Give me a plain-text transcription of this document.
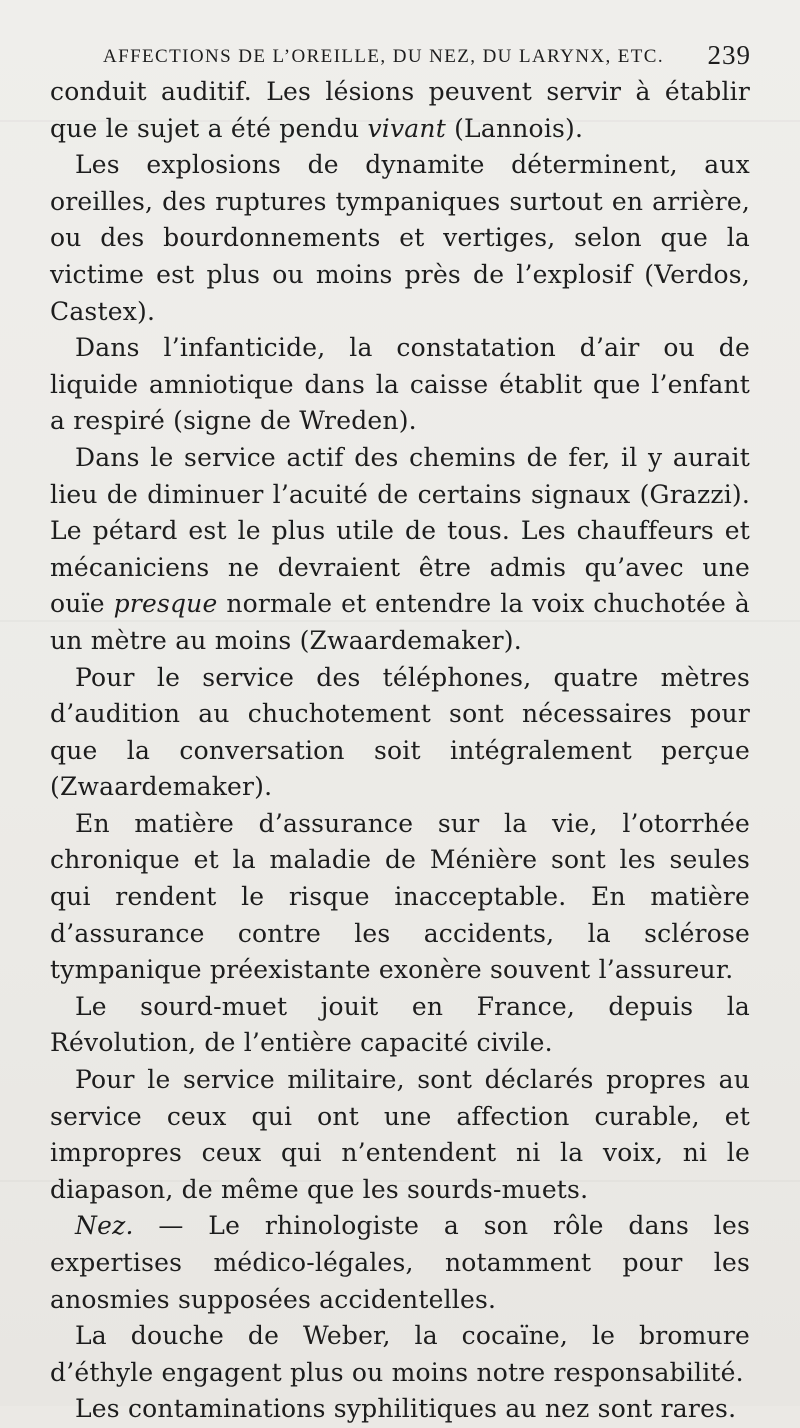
AFFECTIONS DE L’OREILLE, DU NEZ, DU LARYNX, ETC. 239

conduit auditif. Les lésions peuvent servir à établir que le sujet a été pendu vivant (Lannois).

Les explosions de dynamite déterminent, aux oreilles, des ruptures tympaniques surtout en arrière, ou des bourdonnements et vertiges, selon que la victime est plus ou moins près de l’explosif (Verdos, Castex).

Dans l’infanticide, la constatation d’air ou de liquide amniotique dans la caisse établit que l’enfant a respiré (signe de Wreden).

Dans le service actif des chemins de fer, il y aurait lieu de diminuer l’acuité de certains signaux (Grazzi). Le pétard est le plus utile de tous. Les chauffeurs et mécaniciens ne devraient être admis qu’avec une ouïe presque normale et entendre la voix chuchotée à un mètre au moins (Zwaardemaker).

Pour le service des téléphones, quatre mètres d’audition au chuchotement sont nécessaires pour que la conversation soit intégralement perçue (Zwaardemaker).

En matière d’assurance sur la vie, l’otorrhée chronique et la maladie de Ménière sont les seules qui rendent le risque inacceptable. En matière d’assurance contre les accidents, la sclérose tympanique préexistante exonère souvent l’assureur.

Le sourd-muet jouit en France, depuis la Révolution, de l’entière capacité civile.

Pour le service militaire, sont déclarés propres au service ceux qui ont une affection curable, et impropres ceux qui n’entendent ni la voix, ni le diapason, de même que les sourds-muets.

Nez. — Le rhinologiste a son rôle dans les expertises médico-légales, notamment pour les anosmies supposées accidentelles.

La douche de Weber, la cocaïne, le bromure d’éthyle engagent plus ou moins notre responsabilité.

Les contaminations syphilitiques au nez sont rares.
